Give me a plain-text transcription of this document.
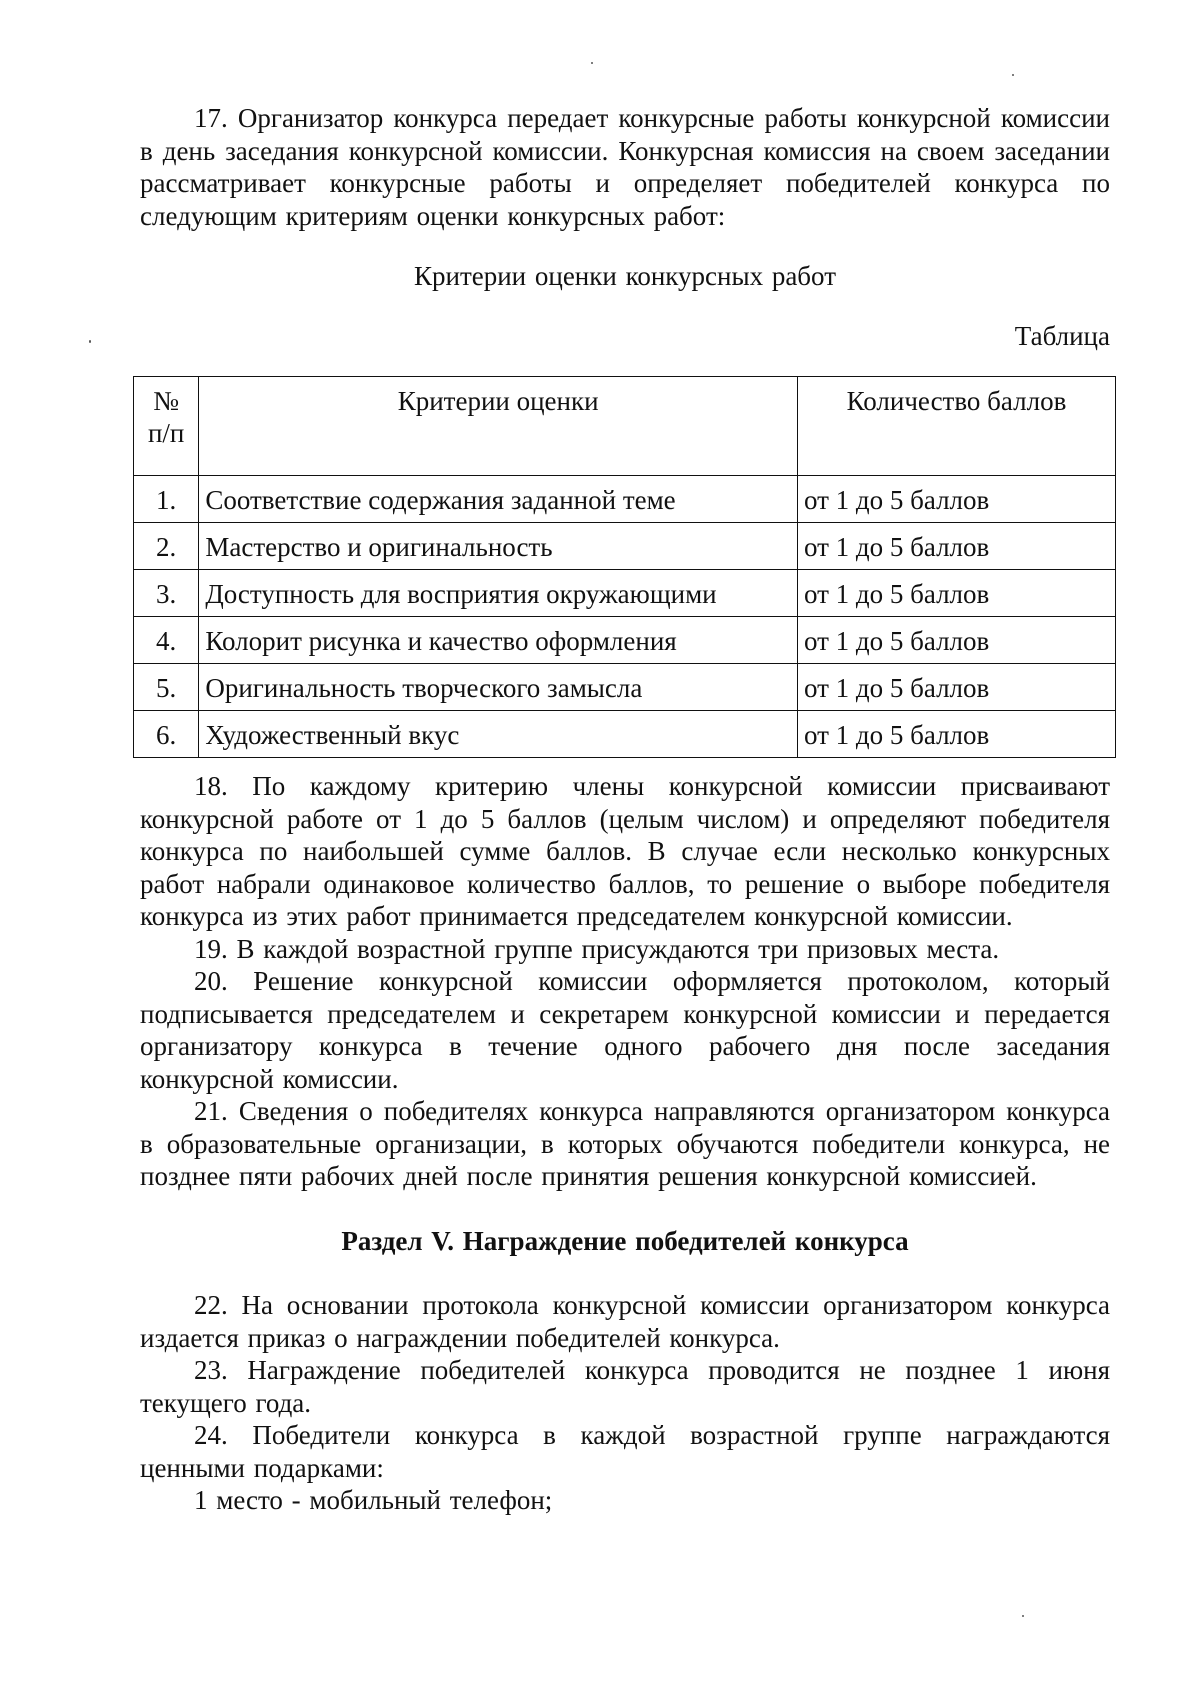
17. Организатор конкурса передает конкурсные работы конкурсной комиссии в день заседания конкурсной комиссии. Конкурсная комиссия на своем заседании рассматривает конкурсные работы и определяет победителей конкурса по следующим критериям оценки конкурсных работ:

Критерии оценки конкурсных работ

Таблица

№ п/п	Критерии оценки	Количество баллов
1.	Соответствие содержания заданной теме	от 1 до 5 баллов
2.	Мастерство и оригинальность	от 1 до 5 баллов
3.	Доступность для восприятия окружающими	от 1 до 5 баллов
4.	Колорит рисунка и качество оформления	от 1 до 5 баллов
5.	Оригинальность творческого замысла	от 1 до 5 баллов
6.	Художественный вкус	от 1 до 5 баллов

18. По каждому критерию члены конкурсной комиссии присваивают конкурсной работе от 1 до 5 баллов (целым числом) и определяют победителя конкурса по наибольшей сумме баллов. В случае если несколько конкурсных работ набрали одинаковое количество баллов, то решение о выборе победителя конкурса из этих работ принимается председателем конкурсной комиссии.

19. В каждой возрастной группе присуждаются три призовых места.

20. Решение конкурсной комиссии оформляется протоколом, который подписывается председателем и секретарем конкурсной комиссии и передается организатору конкурса в течение одного рабочего дня после заседания конкурсной комиссии.

21. Сведения о победителях конкурса направляются организатором конкурса в образовательные организации, в которых обучаются победители конкурса, не позднее пяти рабочих дней после принятия решения конкурсной комиссией.

Раздел V. Награждение победителей конкурса

22. На основании протокола конкурсной комиссии организатором конкурса издается приказ о награждении победителей конкурса.

23. Награждение победителей конкурса проводится не позднее 1 июня текущего года.

24. Победители конкурса в каждой возрастной группе награждаются ценными подарками:

1 место - мобильный телефон;
